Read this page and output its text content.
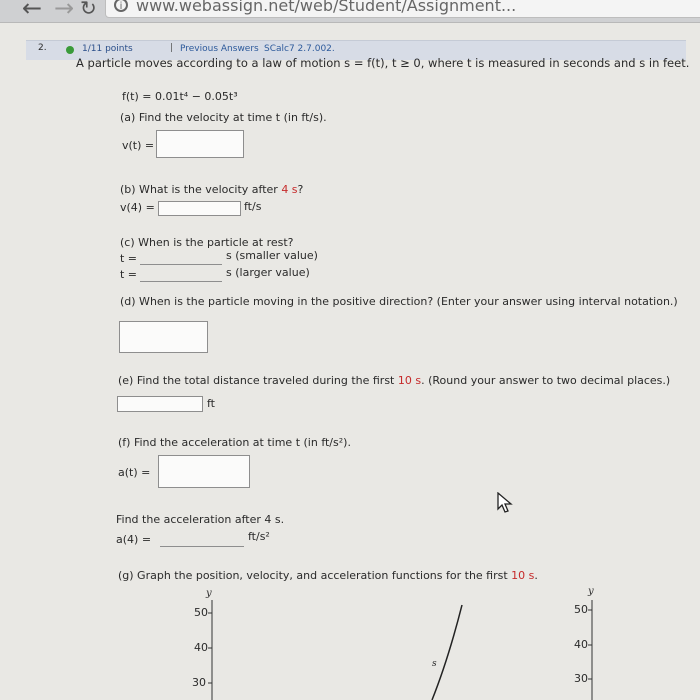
← → ↻	i www.webassign.net/web/Student/Assignment...
2.	1/11 points	| Previous Answers SCalc7 2.7.002.
A particle moves according to a law of motion s = f(t), t ≥ 0, where t is measured in seconds and s in feet.
f(t) = 0.01t⁴ − 0.05t³
(a) Find the velocity at time t (in ft/s).
v(t) =
(b) What is the velocity after 4 s?
v(4) =	ft/s
(c) When is the particle at rest?
t =	s (smaller value)
t =	s (larger value)
(d) When is the particle moving in the positive direction? (Enter your answer using interval notation.)
(e) Find the total distance traveled during the first 10 s. (Round your answer to two decimal places.)
ft
(f) Find the acceleration at time t (in ft/s²).
a(t) =
Find the acceleration after 4 s.
a(4) =	ft/s²
(g) Graph the position, velocity, and acceleration functions for the first 10 s.
y
50
40
30
s
y
50
40
30
